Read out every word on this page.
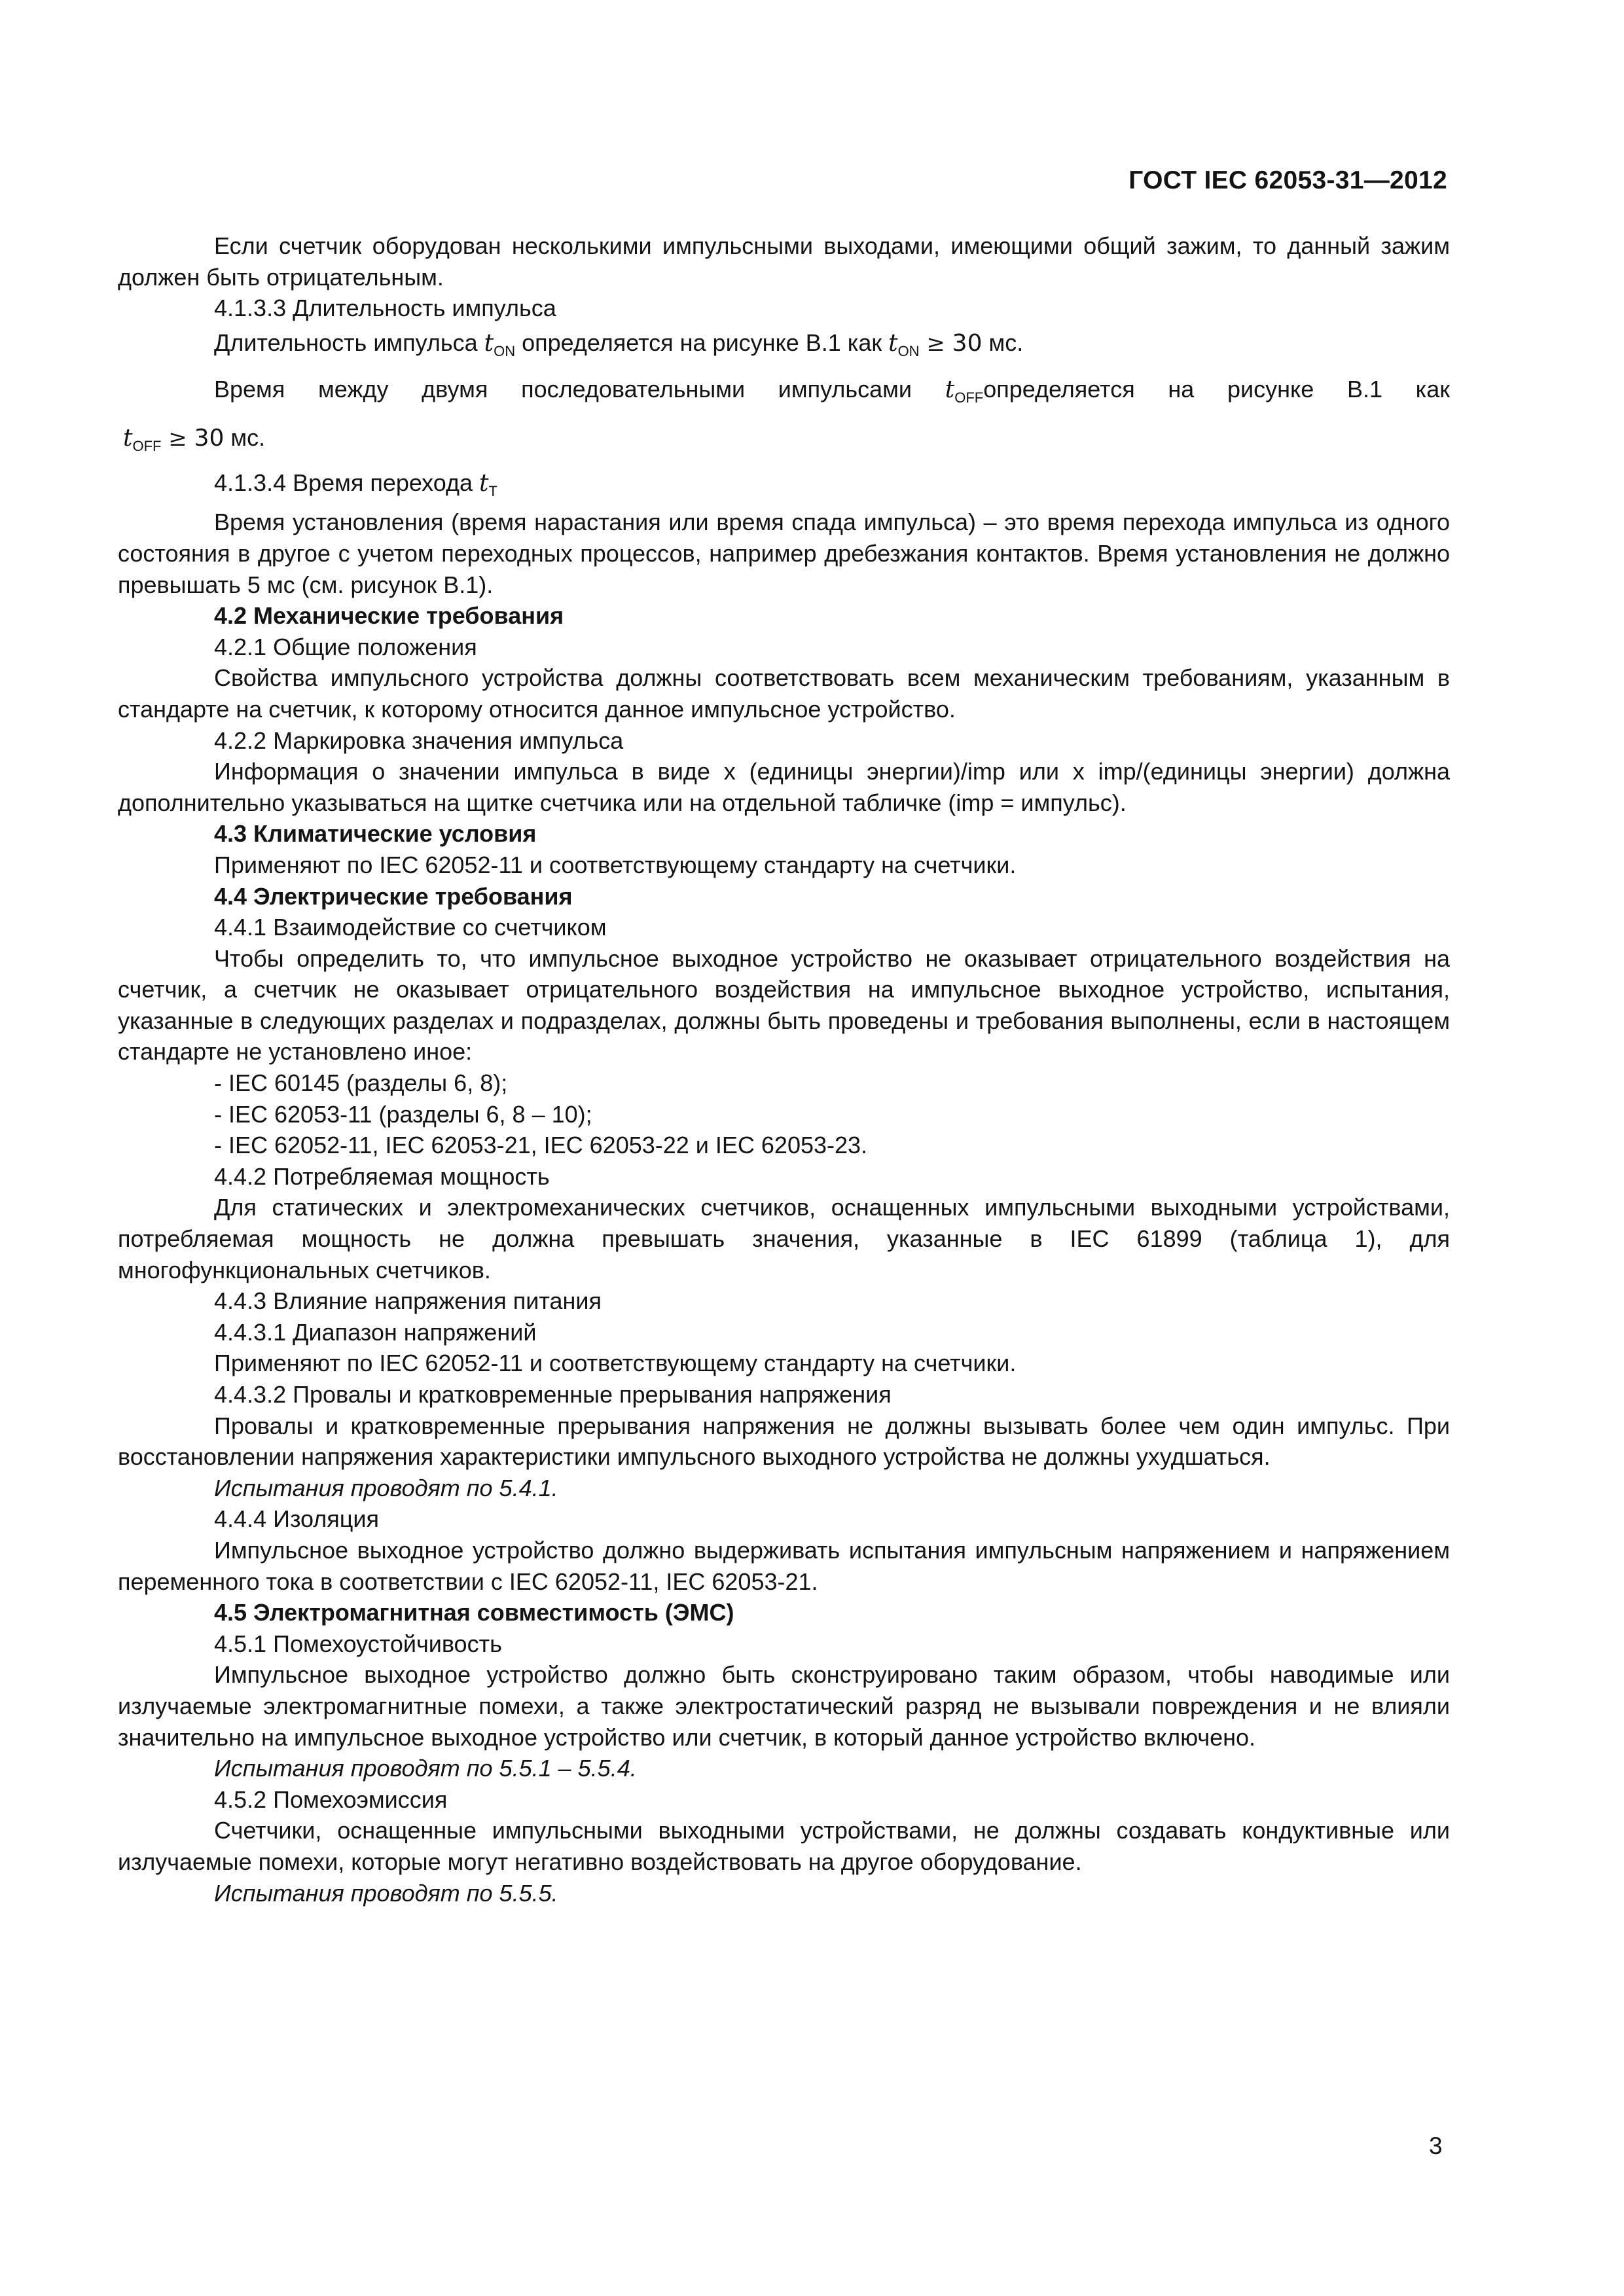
ГОСТ IEC 62053-31—2012

Если счетчик оборудован несколькими импульсными выходами, имеющими общий зажим, то данный зажим должен быть отрицательным.

4.1.3.3 Длительность импульса

Длительность импульса $t_{ON}$ определяется на рисунке В.1 как $t_{ON} \ge 30$ мс.

Время между двумя последовательными импульсами $t_{OFF}определяется$ на рисунке В.1 как

$t_{OFF} \ge 30$ мс.

4.1.3.4 Время перехода $t_T$

Время установления (время нарастания или время спада импульса) – это время перехода импульса из одного состояния в другое с учетом переходных процессов, например дребезжания контактов. Время установления не должно превышать 5 мс (см. рисунок В.1).

4.2 Механические требования

4.2.1 Общие положения

Свойства импульсного устройства должны соответствовать всем механическим требованиям, указанным в стандарте на счетчик, к которому относится данное импульсное устройство.

4.2.2 Маркировка значения импульса

Информация о значении импульса в виде x (единицы энергии)/imp или x imp/(единицы энергии) должна дополнительно указываться на щитке счетчика или на отдельной табличке (imp = импульс).

4.3 Климатические условия

Применяют по IEC 62052-11 и соответствующему стандарту на счетчики.

4.4 Электрические требования

4.4.1 Взаимодействие со счетчиком

Чтобы определить то, что импульсное выходное устройство не оказывает отрицательного воздействия на счетчик, а счетчик не оказывает отрицательного воздействия на импульсное выходное устройство, испытания, указанные в следующих разделах и подразделах, должны быть проведены и требования выполнены, если в настоящем стандарте не установлено иное:

- IEC 60145 (разделы 6, 8);

- IEC 62053-11 (разделы 6, 8 – 10);

- IEC 62052-11, IEC 62053-21, IEC 62053-22 и IEC 62053-23.

4.4.2 Потребляемая мощность

Для статических и электромеханических счетчиков, оснащенных импульсными выходными устройствами, потребляемая мощность не должна превышать значения, указанные в IEC 61899 (таблица 1), для многофункциональных счетчиков.

4.4.3 Влияние напряжения питания

4.4.3.1 Диапазон напряжений

Применяют по IEC 62052-11 и соответствующему стандарту на счетчики.

4.4.3.2 Провалы и кратковременные прерывания напряжения

Провалы и кратковременные прерывания напряжения не должны вызывать более чем один импульс. При восстановлении напряжения характеристики импульсного выходного устройства не должны ухудшаться.

Испытания проводят по 5.4.1.

4.4.4 Изоляция

Импульсное выходное устройство должно выдерживать испытания импульсным напряжением и напряжением переменного тока в соответствии с IEC 62052-11, IEC 62053-21.

4.5 Электромагнитная совместимость (ЭМС)

4.5.1 Помехоустойчивость

Импульсное выходное устройство должно быть сконструировано таким образом, чтобы наводимые или излучаемые электромагнитные помехи, а также электростатический разряд не вызывали повреждения и не влияли значительно на импульсное выходное устройство или счетчик, в который данное устройство включено.

Испытания проводят по 5.5.1 – 5.5.4.

4.5.2 Помехоэмиссия

Счетчики, оснащенные импульсными выходными устройствами, не должны создавать кондуктивные или излучаемые помехи, которые могут негативно воздействовать на другое оборудование.

Испытания проводят по 5.5.5.

3
